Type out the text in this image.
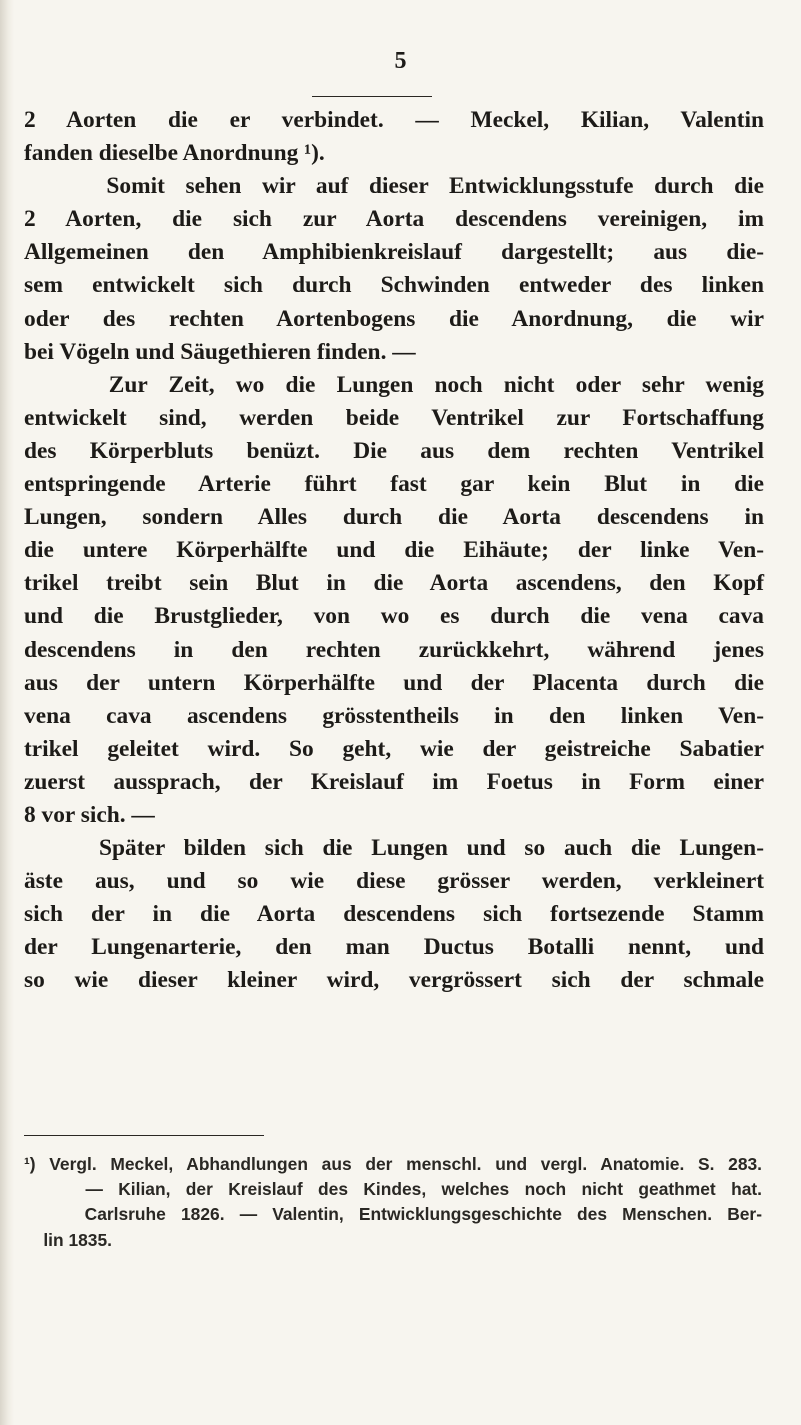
5
2 Aorten die er verbindet. — Meckel, Kilian, Valentin
fanden dieselbe Anordnung ¹).
Somit sehen wir auf dieser Entwicklungsstufe durch die
2 Aorten, die sich zur Aorta descendens vereinigen, im
Allgemeinen den Amphibienkreislauf dargestellt; aus die-
sem entwickelt sich durch Schwinden entweder des linken
oder des rechten Aortenbogens die Anordnung, die wir
bei Vögeln und Säugethieren finden. —
Zur Zeit, wo die Lungen noch nicht oder sehr wenig
entwickelt sind, werden beide Ventrikel zur Fortschaffung
des Körperbluts benüzt. Die aus dem rechten Ventrikel
entspringende Arterie führt fast gar kein Blut in die
Lungen, sondern Alles durch die Aorta descendens in
die untere Körperhälfte und die Eihäute; der linke Ven-
trikel treibt sein Blut in die Aorta ascendens, den Kopf
und die Brustglieder, von wo es durch die vena cava
descendens in den rechten zurückkehrt, während jenes
aus der untern Körperhälfte und der Placenta durch die
vena cava ascendens grösstentheils in den linken Ven-
trikel geleitet wird. So geht, wie der geistreiche Sabatier
zuerst aussprach, der Kreislauf im Foetus in Form einer
8 vor sich. —
Später bilden sich die Lungen und so auch die Lungen-
äste aus, und so wie diese grösser werden, verkleinert
sich der in die Aorta descendens sich fortsezende Stamm
der Lungenarterie, den man Ductus Botalli nennt, und
so wie dieser kleiner wird, vergrössert sich der schmale
¹) Vergl. Meckel, Abhandlungen aus der menschl. und vergl. Anatomie. S. 283.
— Kilian, der Kreislauf des Kindes, welches noch nicht geathmet hat.
Carlsruhe 1826. — Valentin, Entwicklungsgeschichte des Menschen. Ber-
lin 1835.
